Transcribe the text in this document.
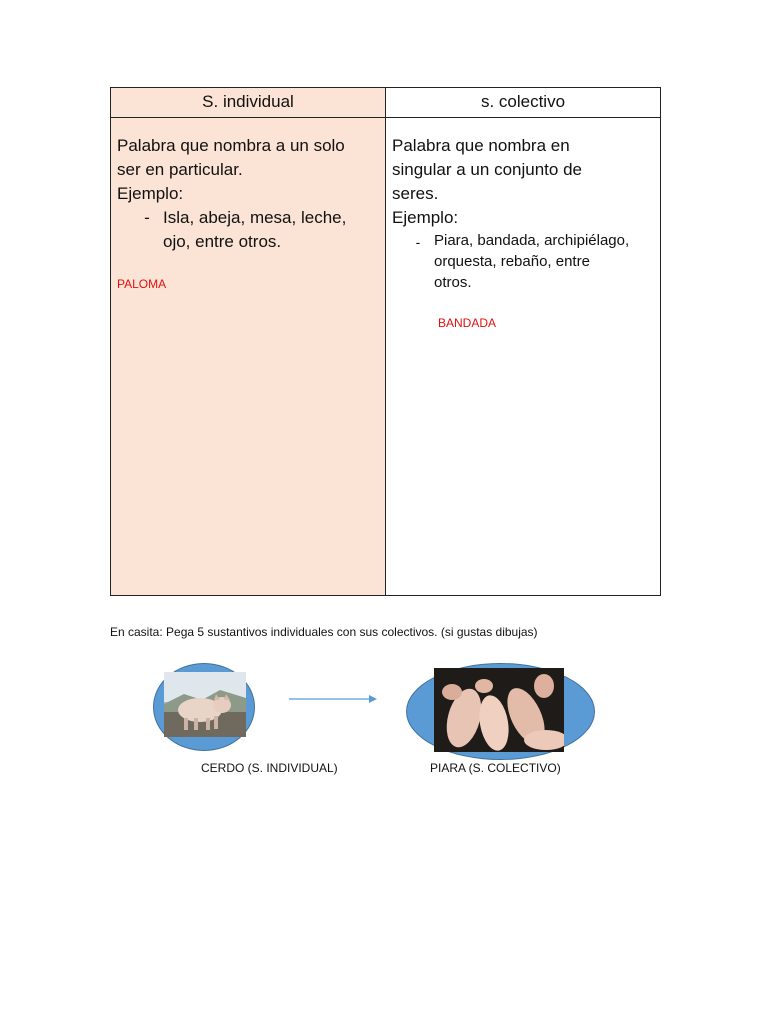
S. individual
Palabra que nombra a un solo
ser en particular.
Ejemplo:
- Isla, abeja, mesa, leche,
ojo, entre otros.
PALOMA
s. colectivo
Palabra que nombra en
singular a un conjunto de
seres.
Ejemplo:
- Piara, bandada, archipiélago,
orquesta, rebaño, entre
otros.
BANDADA
En casita: Pega 5 sustantivos individuales con sus colectivos. (si gustas dibujas)
CERDO (S. INDIVIDUAL)	PIARA (S. COLECTIVO)
